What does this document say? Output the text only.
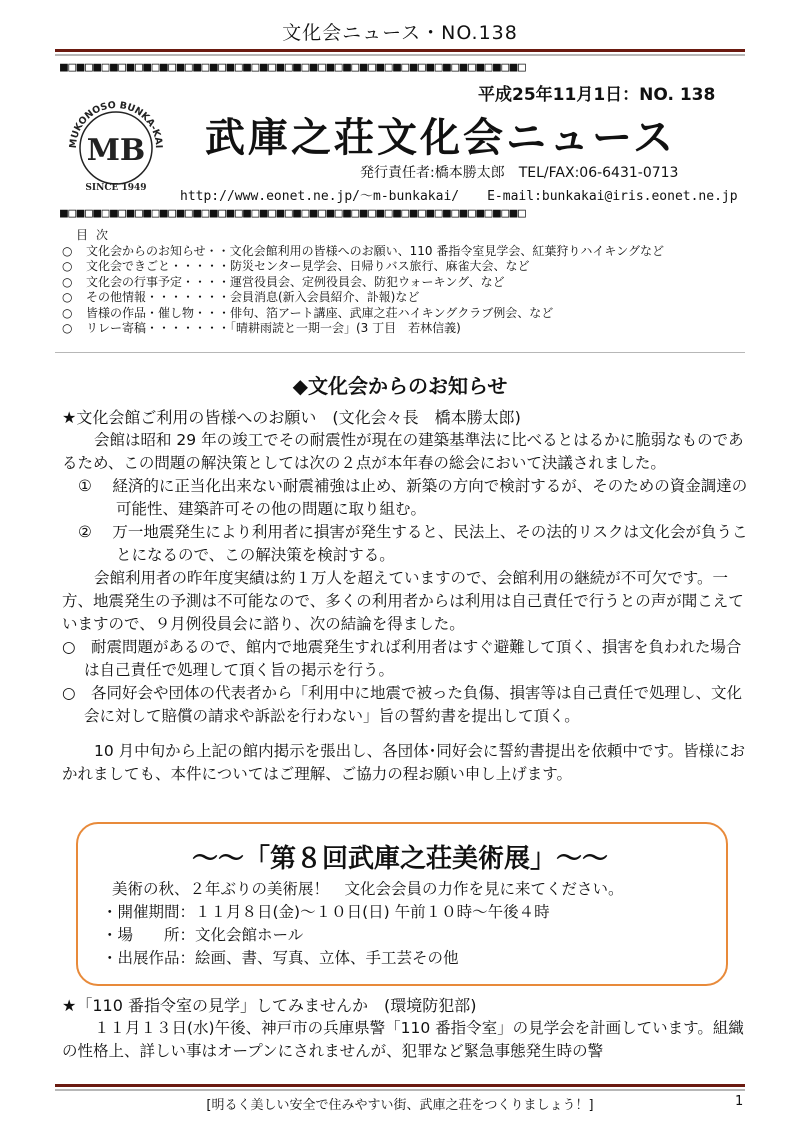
文化会ニュース・NO.138
■□■□■□■□■□■□■□■□■□■□■□■□■□■□■□■□■□■□■□■□■□■□■□■□■□■□■□■□
平成25年11月1日：NO. 138
MUKONOSO BUNKA-KAI
MB
SINCE 1949
武庫之荘文化会ニュース
発行責任者:橋本勝太郎　TEL/FAX:06-6431-0713
http://www.eonet.ne.jp/～m-bunkakai/ E-mail:bunkakai@iris.eonet.ne.jp
■□■□■□■□■□■□■□■□■□■□■□■□■□■□■□■□■□■□■□■□■□■□■□■□■□■□■□■□
目次
○	文化会からのお知らせ・・文化会館利用の皆様へのお願い、110 番指令室見学会、紅葉狩りハイキングなど
○	文化会できごと・・・・・防災センター見学会、日帰りバス旅行、麻雀大会、など
○	文化会の行事予定・・・・運営役員会、定例役員会、防犯ウォーキング、など
○	その他情報・・・・・・・会員消息(新入会員紹介、訃報)など
○	皆様の作品・催し物・・・俳句、箔アート講座、武庫之荘ハイキングクラブ例会、など
○	リレー寄稿・・・・・・・「晴耕雨読と一期一会」(3 丁目　若林信義)
◆文化会からのお知らせ

★文化会館ご利用の皆様へのお願い　(文化会々長　橋本勝太郎)

会館は昭和 29 年の竣工でその耐震性が現在の建築基準法に比べるとはるかに脆弱なものであるため、この問題の解決策としては次の２点が本年春の総会において決議されました。

①　 経済的に正当化出来ない耐震補強は止め、新築の方向で検討するが、そのための資金調達の可能性、建築許可その他の問題に取り組む。

②　 万一地震発生により利用者に損害が発生すると、民法上、その法的リスクは文化会が負うことになるので、この解決策を検討する。

会館利用者の昨年度実績は約１万人を超えていますので、会館利用の継続が不可欠です。一方、地震発生の予測は不可能なので、多くの利用者からは利用は自己責任で行うとの声が聞こえていますので、９月例役員会に諮り、次の結論を得ました。

○　耐震問題があるので、館内で地震発生すれば利用者はすぐ避難して頂く、損害を負われた場合は自己責任で処理して頂く旨の掲示を行う。

○　各同好会や団体の代表者から「利用中に地震で被った負傷、損害等は自己責任で処理し、文化会に対して賠償の請求や訴訟を行わない」旨の誓約書を提出して頂く。

10 月中旬から上記の館内掲示を張出し、各団体･同好会に誓約書提出を依頼中です。皆様におかれましても、本件についてはご理解、ご協力の程お願い申し上げます。

～～「第８回武庫之荘美術展」～～
美術の秋、２年ぶりの美術展！　文化会会員の力作を見に来てください。
・開催期間：１１月８日(金)～１０日(日) 午前１０時～午後４時
・場　　所：文化会館ホール
・出展作品：絵画、書、写真、立体、手工芸その他

★「110 番指令室の見学」してみませんか　(環境防犯部)

１１月１３日(水)午後、神戸市の兵庫県警「110 番指令室」の見学会を計画しています。組織の性格上、詳しい事はオープンにされませんが、犯罪など緊急事態発生時の警

[明るく美しい安全で住みやすい街、武庫之荘をつくりましょう！]	1
